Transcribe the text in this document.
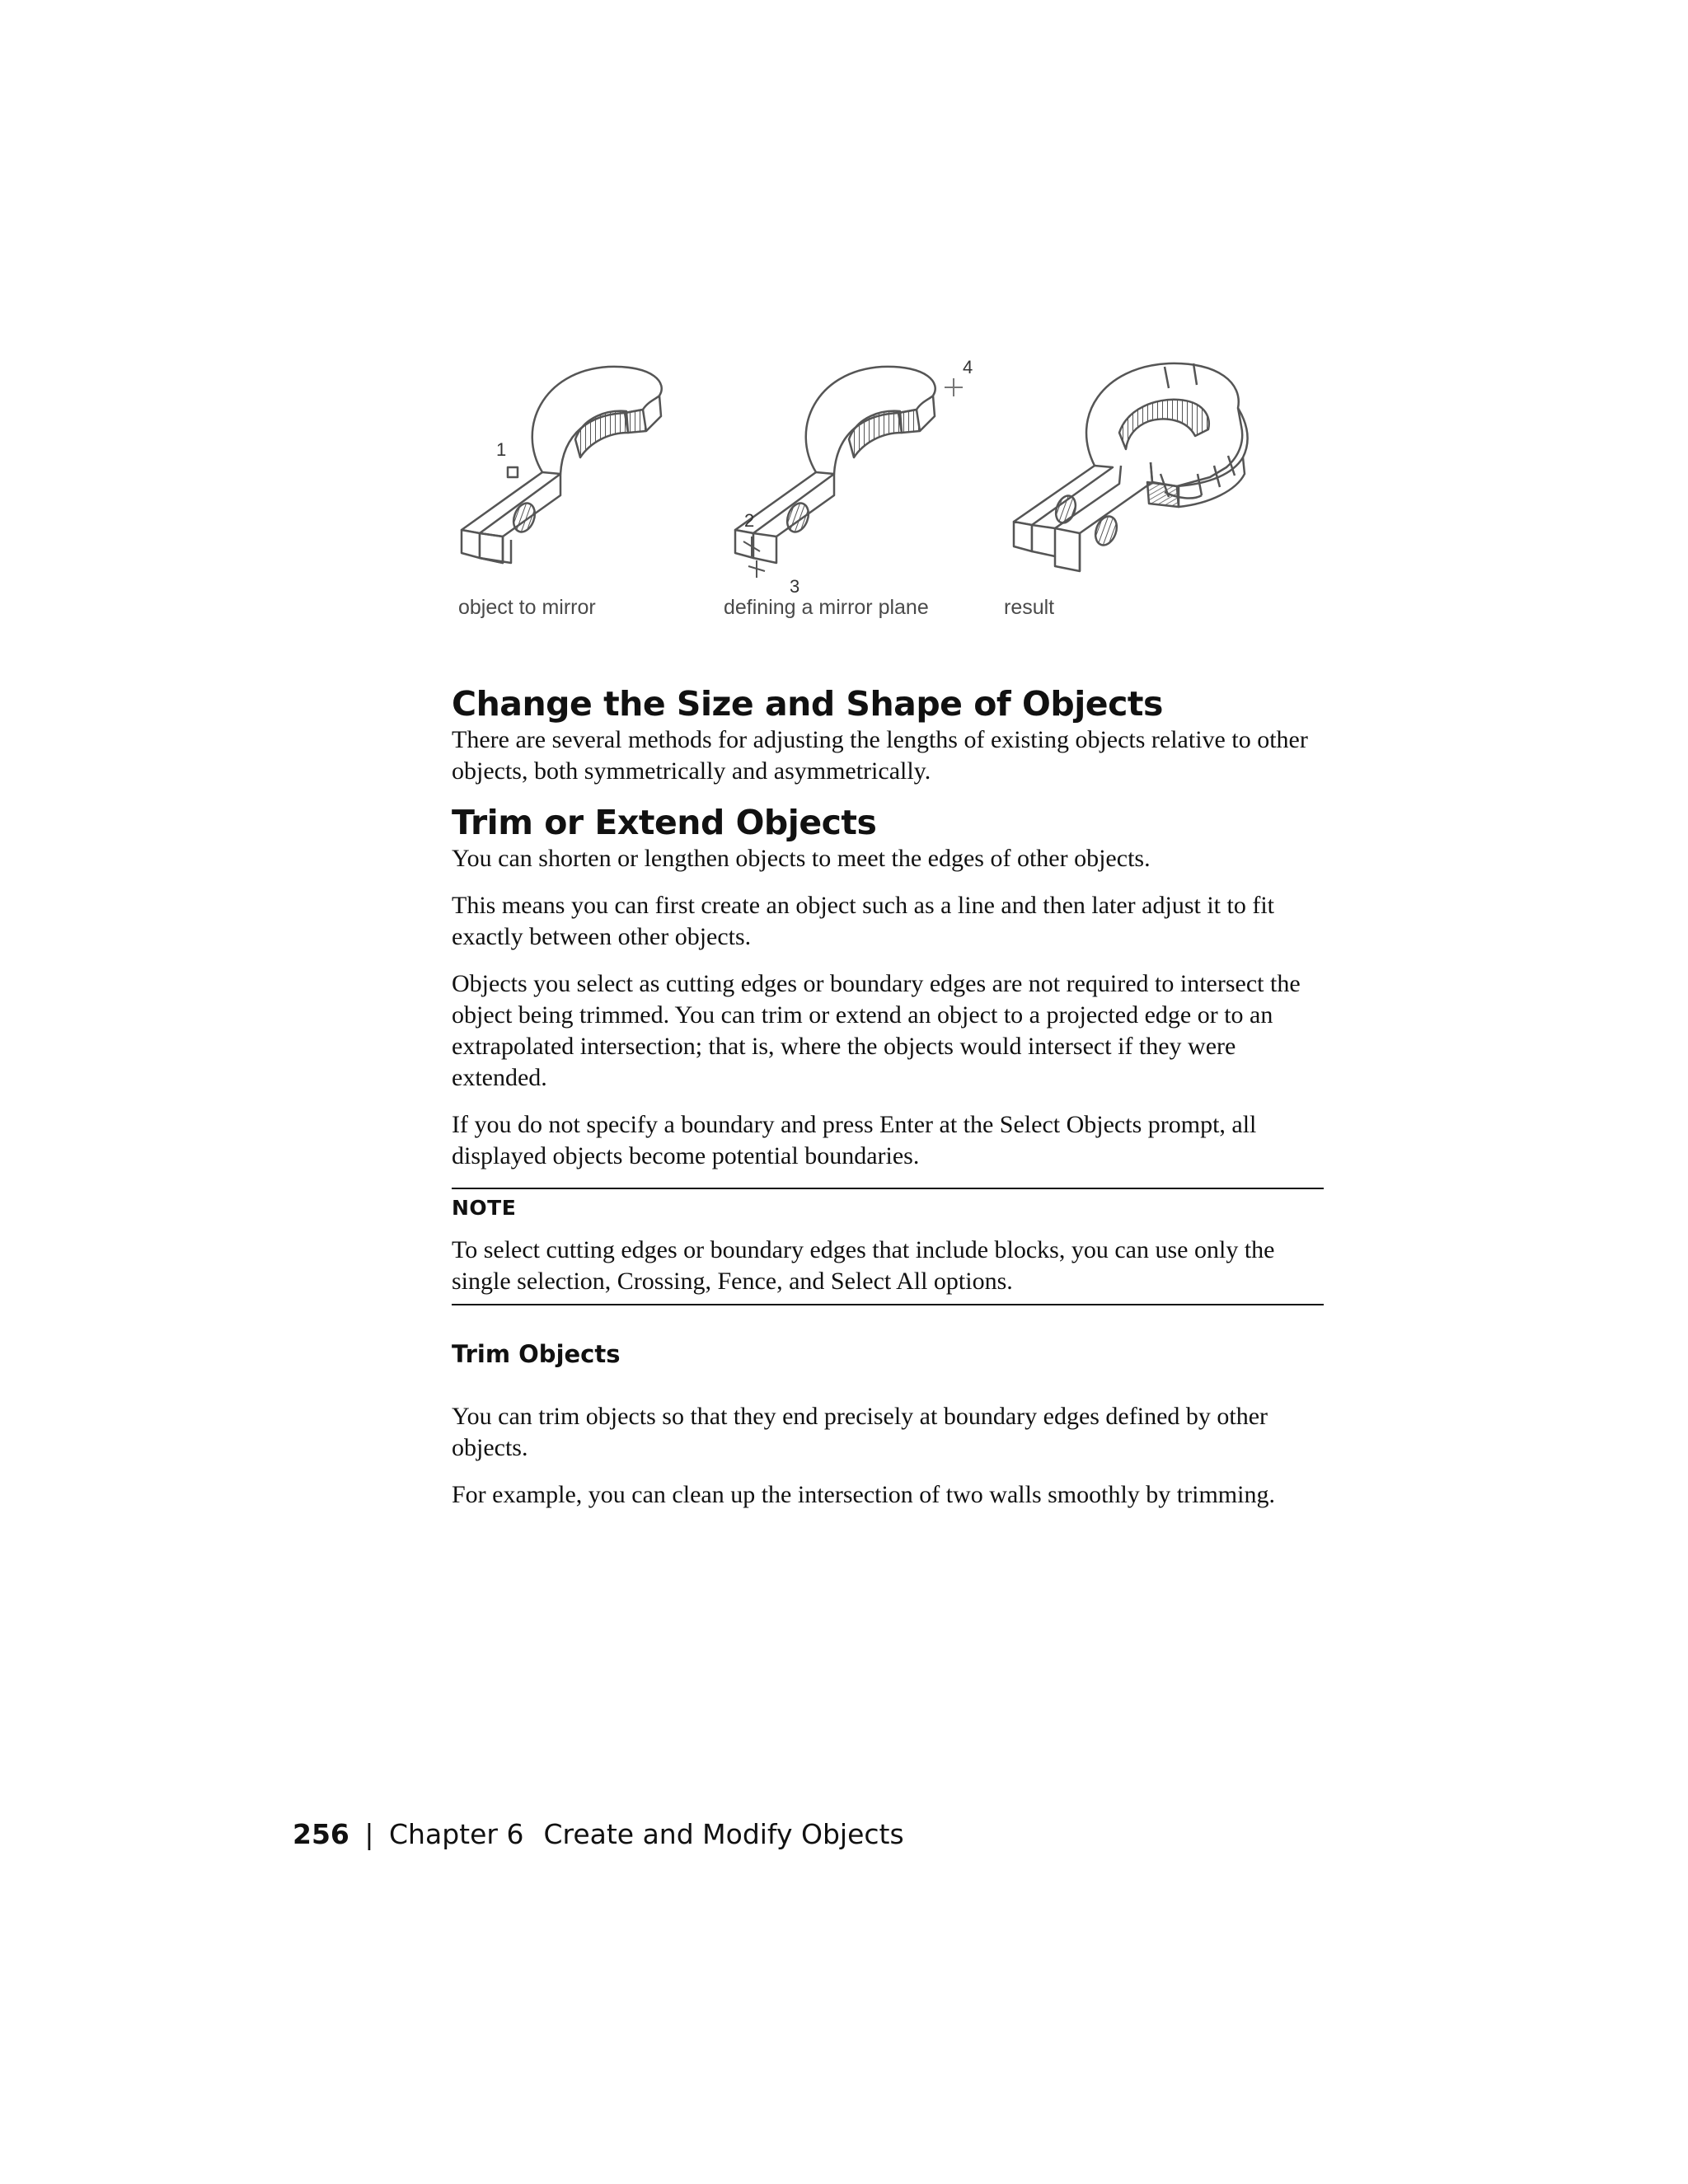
1
2
3
4
object to mirror	defining a mirror plane	result
Change the Size and Shape of Objects

There are several methods for adjusting the lengths of existing objects relative to other objects, both symmetrically and asymmetrically.

Trim or Extend Objects

You can shorten or lengthen objects to meet the edges of other objects.

This means you can first create an object such as a line and then later adjust it to fit exactly between other objects.

Objects you select as cutting edges or boundary edges are not required to intersect the object being trimmed. You can trim or extend an object to a projected edge or to an extrapolated intersection; that is, where the objects would intersect if they were extended.

If you do not specify a boundary and press Enter at the Select Objects prompt, all displayed objects become potential boundaries.

NOTE

To select cutting edges or boundary edges that include blocks, you can use only the single selection, Crossing, Fence, and Select All options.

Trim Objects

You can trim objects so that they end precisely at boundary edges defined by other objects.

For example, you can clean up the intersection of two walls smoothly by trimming.

256 | Chapter 6 Create and Modify Objects
